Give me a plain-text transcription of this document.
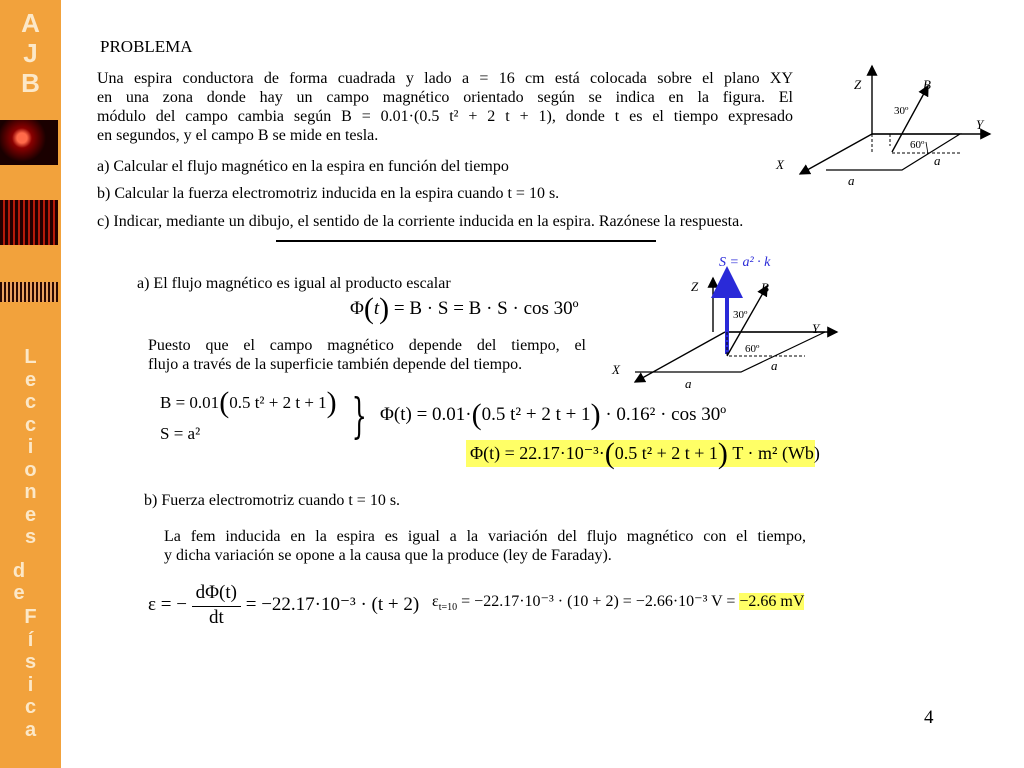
A
J
B
L
e
c
c
i
o
n
e
s
d
e
F
í
s
i
c
a
PROBLEMA

Una espira conductora de forma cuadrada y lado a = 16 cm está colocada sobre el plano XY

en una zona donde hay un campo magnético orientado según se indica en la figura. El

módulo del campo cambia según B = 0.01·(0.5 t² + 2 t + 1), donde t es el tiempo expresado

en segundos, y el campo B se mide en tesla.

a) Calcular el flujo magnético en la espira en función del tiempo
b) Calcular la fuerza electromotriz inducida en la espira cuando t = 10 s.
c) Indicar, mediante un dibujo, el sentido de la corriente inducida en la espira. Razónese la respuesta.
Z	B
Y
X
30º
60º
a
a
a) El flujo magnético es igual al producto escalar
Φ(t) = B · S = B · S · cos 30º

Puesto que el campo magnético depende del tiempo, el

flujo a través de la superficie también depende del tiempo.

S = a² · k
Z	B
Y
X
30º
60º
a
a
B = 0.01(0.5 t² + 2 t + 1)
S = a²	} Φ(t) = 0.01·(0.5 t² + 2 t + 1) · 0.16² · cos 30º
Φ(t) = 22.17·10⁻³·(0.5 t² + 2 t + 1) T · m² (Wb)
b) Fuerza electromotriz cuando t = 10 s.

La fem inducida en la espira es igual a la variación del flujo magnético con el tiempo,

y dicha variación se opone a la causa que la produce (ley de Faraday).

ε = − $\frac{d\Phi(t)}{dt} = -22.17\cdot 10^{-3} \cdot (t + 2) \varepsilon_{t=10} = -22.17\cdot 10^{-3} \cdot (10 + 2) = -2.66\cdot 10^{-3}$ V = −2.66 mV
4
